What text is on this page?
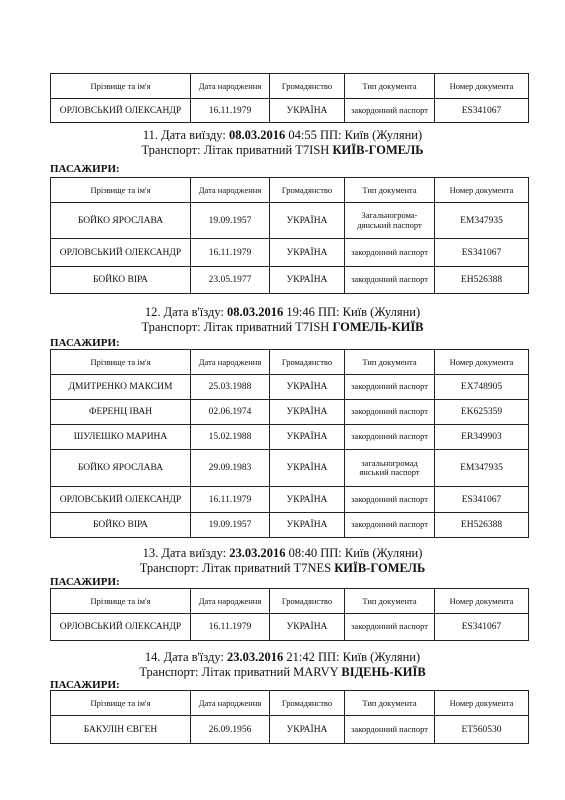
Прізвище та ім'я	Дата народження	Громадянство	Тип документа	Номер документа
ОРЛОВСЬКИЙ ОЛЕКСАНДР	16.11.1979	УКРАЇНА	закордонний паспорт	ES341067
11. Дата виїзду: 08.03.2016 04:55 ПП: Київ (Жуляни)
Транспорт: Літак приватний T7ISH КИЇВ-ГОМЕЛЬ
ПАСАЖИРИ:
Прізвище та ім'я	Дата народження	Громадянство	Тип документа	Номер документа
БОЙКО ЯРОСЛАВА	19.09.1957	УКРАЇНА	Загальногрома-дянський паспорт	EM347935
ОРЛОВСЬКИЙ ОЛЕКСАНДР	16.11.1979	УКРАЇНА	закордонний паспорт	ES341067
БОЙКО ВІРА	23.05.1977	УКРАЇНА	закордонний паспорт	EH526388
12. Дата в'їзду: 08.03.2016 19:46 ПП: Київ (Жуляни)
Транспорт: Літак приватний T7ISH ГОМЕЛЬ-КИЇВ
ПАСАЖИРИ:
Прізвище та ім'я	Дата народження	Громадянство	Тип документа	Номер документа
ДМИТРЕНКО МАКСИМ	25.03.1988	УКРАЇНА	закордонний паспорт	EX748905
ФЕРЕНЦ ІВАН	02.06.1974	УКРАЇНА	закордонний паспорт	EK625359
ШУЛЕШКО МАРИНА	15.02.1988	УКРАЇНА	закордонний паспорт	ER349903
БОЙКО ЯРОСЛАВА	29.09.1983	УКРАЇНА	загальногромад янський паспорт	EM347935
ОРЛОВСЬКИЙ ОЛЕКСАНДР	16.11.1979	УКРАЇНА	закордонний паспорт	ES341067
БОЙКО ВІРА	19.09.1957	УКРАЇНА	закордонний паспорт	EH526388
13. Дата виїзду: 23.03.2016 08:40 ПП: Київ (Жуляни)
Транспорт: Літак приватний T7NES КИЇВ-ГОМЕЛЬ
ПАСАЖИРИ:
Прізвище та ім'я	Дата народження	Громадянство	Тип документа	Номер документа
ОРЛОВСЬКИЙ ОЛЕКСАНДР	16.11.1979	УКРАЇНА	закордонний паспорт	ES341067
14. Дата в'їзду: 23.03.2016 21:42 ПП: Київ (Жуляни)
Транспорт: Літак приватний MARVY ВІДЕНЬ-КИЇВ
ПАСАЖИРИ:
Прізвище та ім'я	Дата народження	Громадянство	Тип документа	Номер документа
БАКУЛІН ЄВГЕН	26.09.1956	УКРАЇНА	закордонний паспорт	ET560530
